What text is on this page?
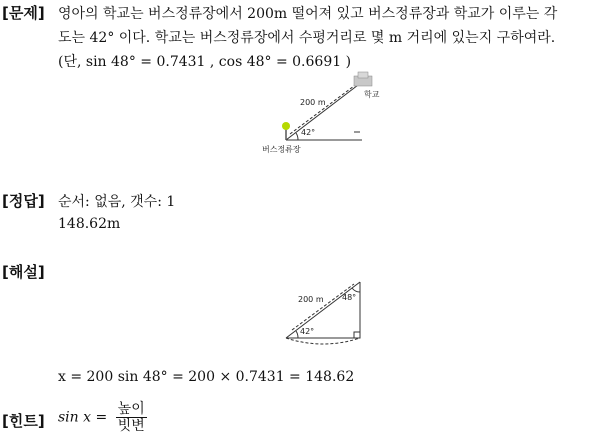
[문제] 영아의 학교는 버스정류장에서 200m 떨어져 있고 버스정류장과 학교가 이루는 각
도는 42° 이다. 학교는 버스정류장에서 수평거리로 몇 m 거리에 있는지 구하여라.
(단, sin 48° = 0.7431 , cos 48° = 0.6691 )
200 m
42°
학교
버스정류장
[정답] 순서: 없음, 갯수: 1
148.62m
[해설]
200 m 48°
42°
x = 200 sin 48° = 200 × 0.7431 = 148.62
[힌트] $\sin x = \frac{\text{높이}}{\text{빗변}}$
